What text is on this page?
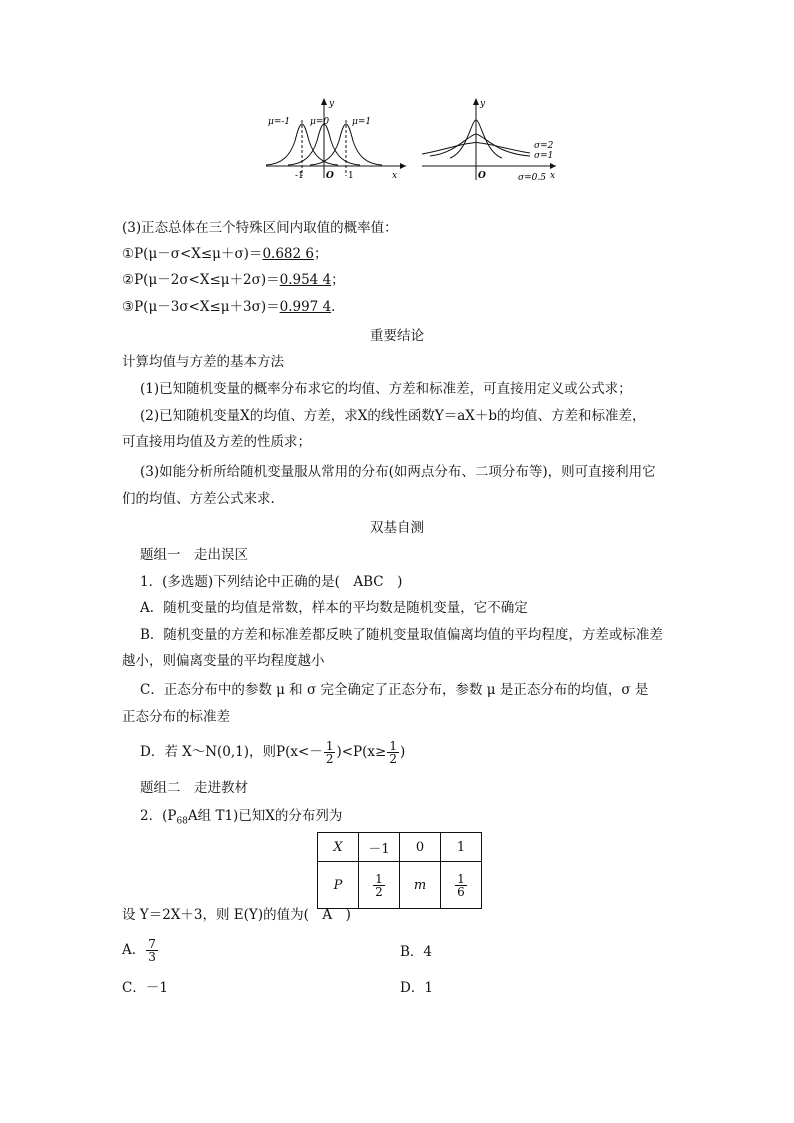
μ=-1 μ=0	μ=1
y
x
O
-1	1
σ=2
σ=1
σ=0.5
y
x
O
(3)正态总体在三个特殊区间内取值的概率值：
①P(μ－σ<X≤μ＋σ)＝0.682 6；
②P(μ－2σ<X≤μ＋2σ)＝0.954 4；
③P(μ－3σ<X≤μ＋3σ)＝0.997 4.
重要结论
计算均值与方差的基本方法
(1)已知随机变量的概率分布求它的均值、方差和标准差，可直接用定义或公式求；
(2)已知随机变量X的均值、方差，求X的线性函数Y＝aX＋b的均值、方差和标准差，
可直接用均值及方差的性质求；
(3)如能分析所给随机变量服从常用的分布(如两点分布、二项分布等)，则可直接利用它
们的均值、方差公式来求.
双基自测
题组一　走出误区
1．(多选题)下列结论中正确的是(　ABC　)
A．随机变量的均值是常数，样本的平均数是随机变量，它不确定
B．随机变量的方差和标准差都反映了随机变量取值偏离均值的平均程度，方差或标准差
越小，则偏离变量的平均程度越小
C．正态分布中的参数 μ 和 σ 完全确定了正态分布，参数 μ 是正态分布的均值，σ 是
正态分布的标准差
D．若 X～N(0,1)，则$P(x<- \frac{1}{2} )<P(x\ge \frac{1}{2}$ )
题组二　走进教材
2．($P_{68}A$组 T1)已知X的分布列为
X	－1	0	1
P	$\frac{1}{2}$	m	$\frac{1}{6}$
设 Y＝2X＋3，则 E(Y)的值为(　A　)
A． $\frac{7}{3}$	B．4
C．－1	D．1
